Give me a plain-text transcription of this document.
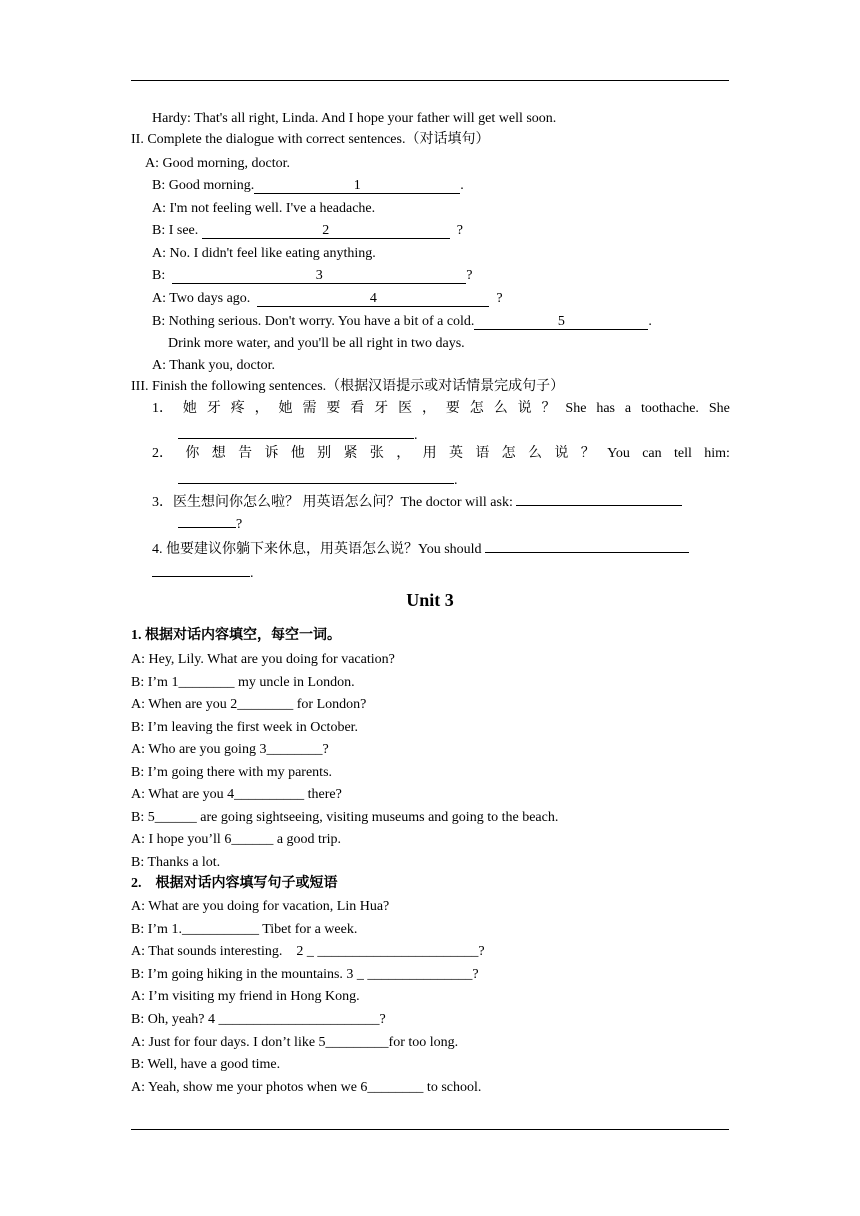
Hardy: That's all right, Linda. And I hope your father will get well soon.
II. Complete the dialogue with correct sentences.（对话填句）
A: Good morning, doctor.
B: Good morning.	1	.
A: I'm not feeling well. I've a headache.
B: I see.	2	?
A: No. I didn't feel like eating anything.
B:	3	?
A: Two days ago.	4	?
B: Nothing serious. Don't worry. You have a bit of a cold.	5	.
Drink more water, and you'll be all right in two days.
A: Thank you, doctor.
III. Finish the following sentences.（根据汉语提示或对话情景完成句子）
1． 她 牙 疼 ， 她 需 要 看 牙 医 ， 要 怎 么 说 ？ She has a toothache. She
.
2． 你 想 告 诉 他 别 紧 张 ， 用 英 语 怎 么 说 ？ You can tell him:
.
3．医生想问你怎么啦？ 用英语怎么问？The doctor will ask:
?
4. 他要建议你躺下来休息，用英语怎么说？You should
.
Unit 3
1. 根据对话内容填空，每空一词。
A: Hey, Lily. What are you doing for vacation?
B: I’m 1________ my uncle in London.
A: When are you 2________ for London?
B: I’m leaving the first week in October.
A: Who are you going 3________?
B: I’m going there with my parents.
A: What are you 4__________ there?
B: 5______ are going sightseeing, visiting museums and going to the beach.
A: I hope you’ll 6______ a good trip.
B: Thanks a lot.
2.　根据对话内容填写句子或短语
A: What are you doing for vacation, Lin Hua?
B: I’m 1.___________ Tibet for a week.
A: That sounds interesting.　2 _ _______________________?
B: I’m going hiking in the mountains. 3 _ _______________?
A: I’m visiting my friend in Hong Kong.
B: Oh, yeah? 4 _______________________?
A: Just for four days. I don’t like 5_________for too long.
B: Well, have a good time.
A: Yeah, show me your photos when we 6________ to school.
